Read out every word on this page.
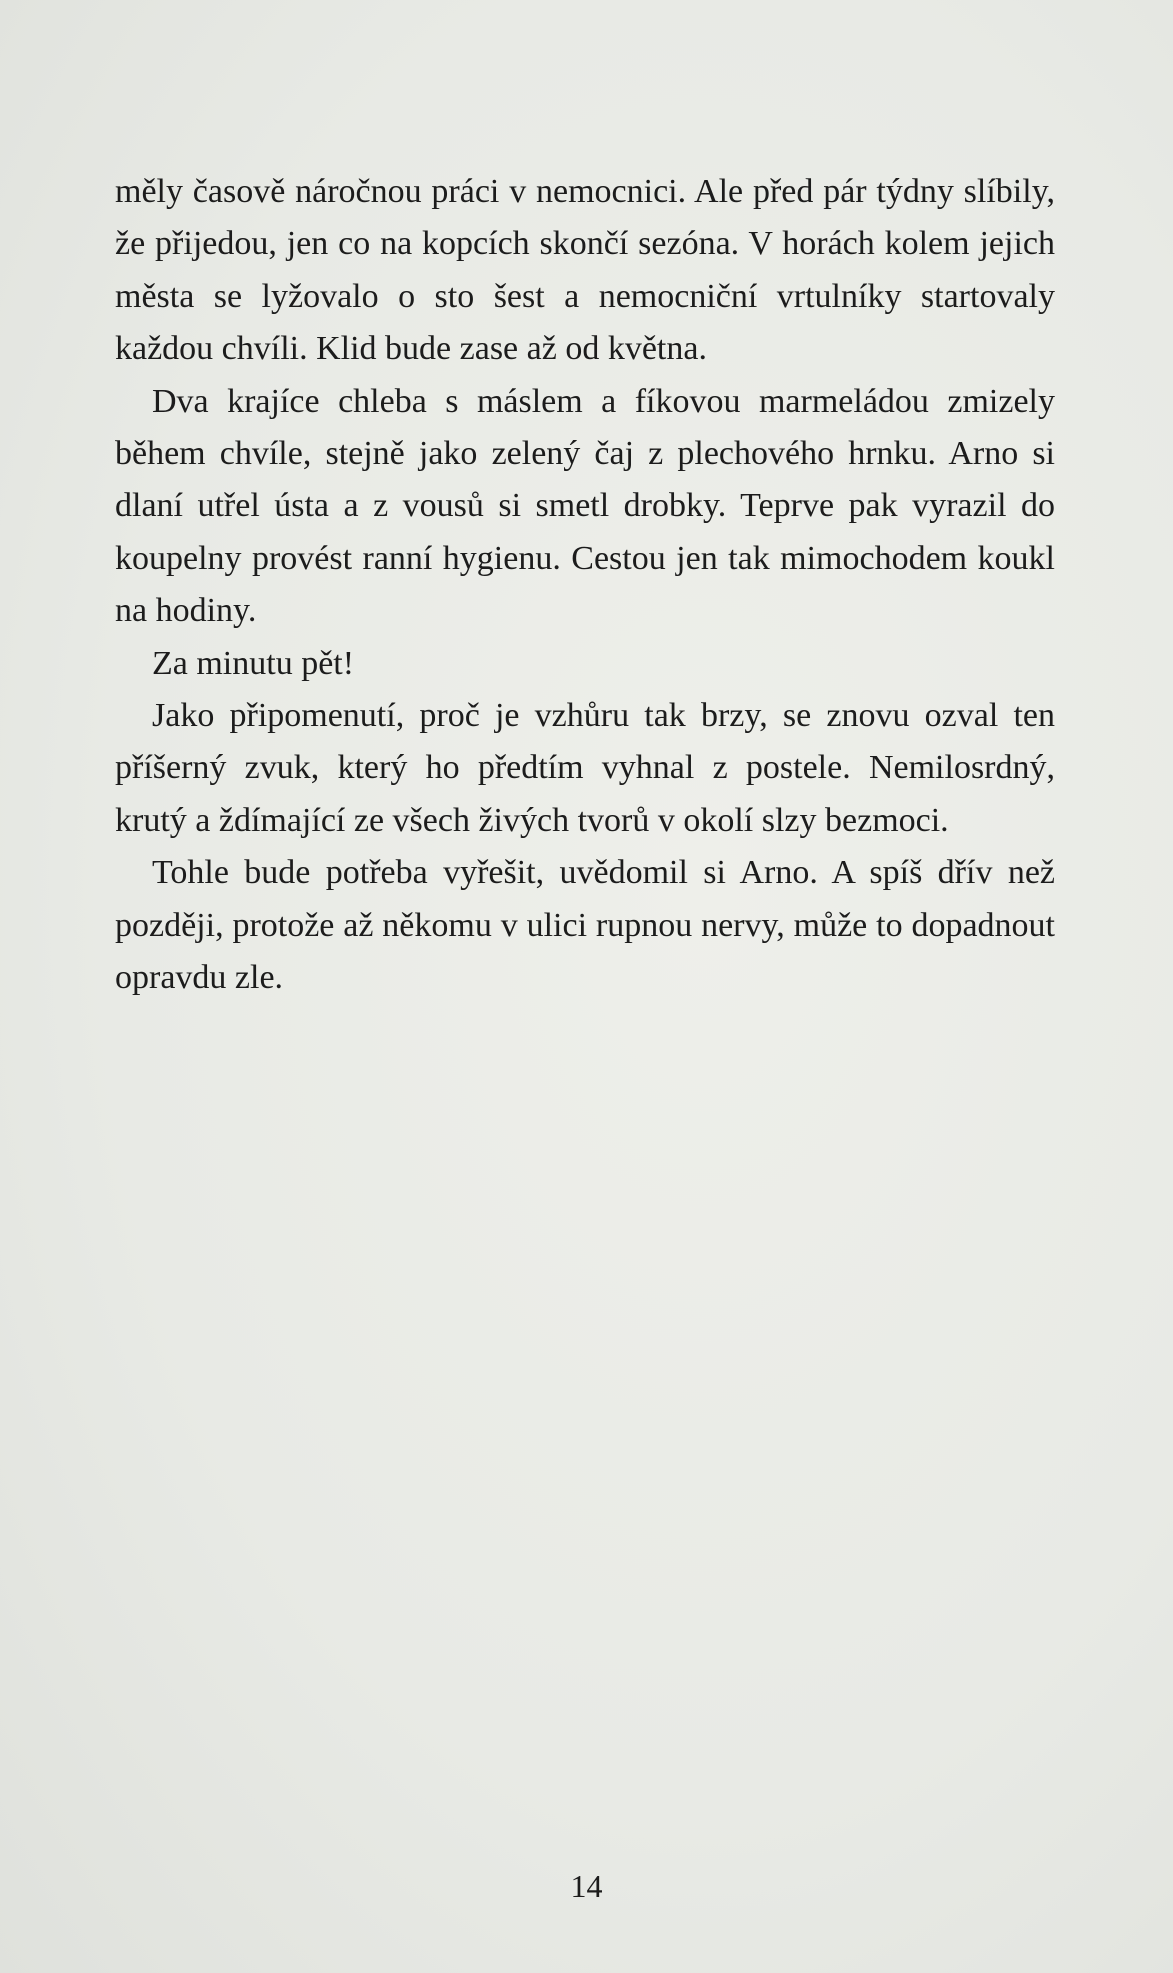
měly časově náročnou práci v nemocnici. Ale před pár týdny slíbily, že přijedou, jen co na kopcích skončí sezóna. V horách kolem jejich města se lyžovalo o sto šest a nemocniční vrtulníky startovaly každou chvíli. Klid bude zase až od května.

Dva krajíce chleba s máslem a fíkovou marmeládou zmizely během chvíle, stejně jako zelený čaj z plechového hrnku. Arno si dlaní utřel ústa a z vousů si smetl drobky. Teprve pak vyrazil do koupelny provést ranní hygienu. Cestou jen tak mimochodem koukl na hodiny.

Za minutu pět!

Jako připomenutí, proč je vzhůru tak brzy, se znovu ozval ten příšerný zvuk, který ho předtím vyhnal z postele. Nemilosrdný, krutý a ždímající ze všech živých tvorů v okolí slzy bezmoci.

Tohle bude potřeba vyřešit, uvědomil si Arno. A spíš dřív než později, protože až někomu v ulici rupnou nervy, může to dopadnout opravdu zle.

14
